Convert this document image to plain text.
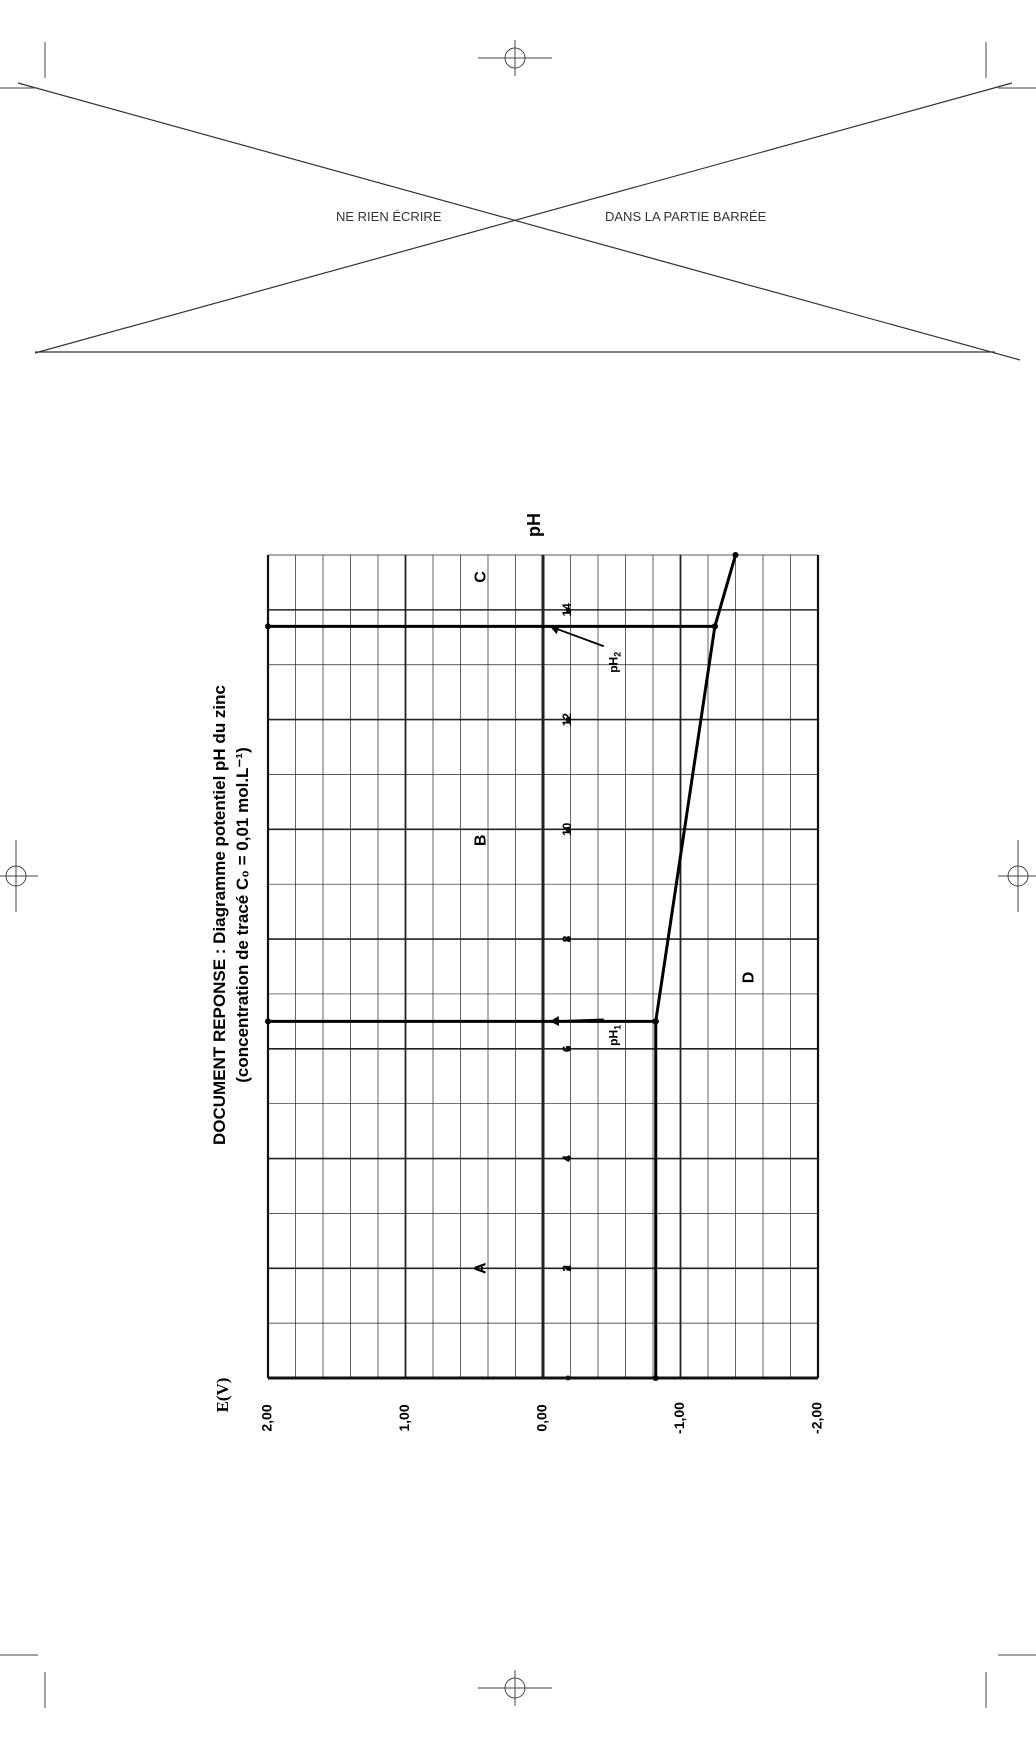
NE RIEN ÉCRIRE	DANS LA PARTIE BARRÉE
2,00	1,00	0,00	-1,00	-2,00
2
4
6
8
10
12
14
A
B
C
D
$pH_1$
$pH_2$
DOCUMENT REPONSE : Diagramme potentiel pH du zinc (concentration de tracé C₀ = 0,01 mol.L⁻¹)
pH
E(V)
